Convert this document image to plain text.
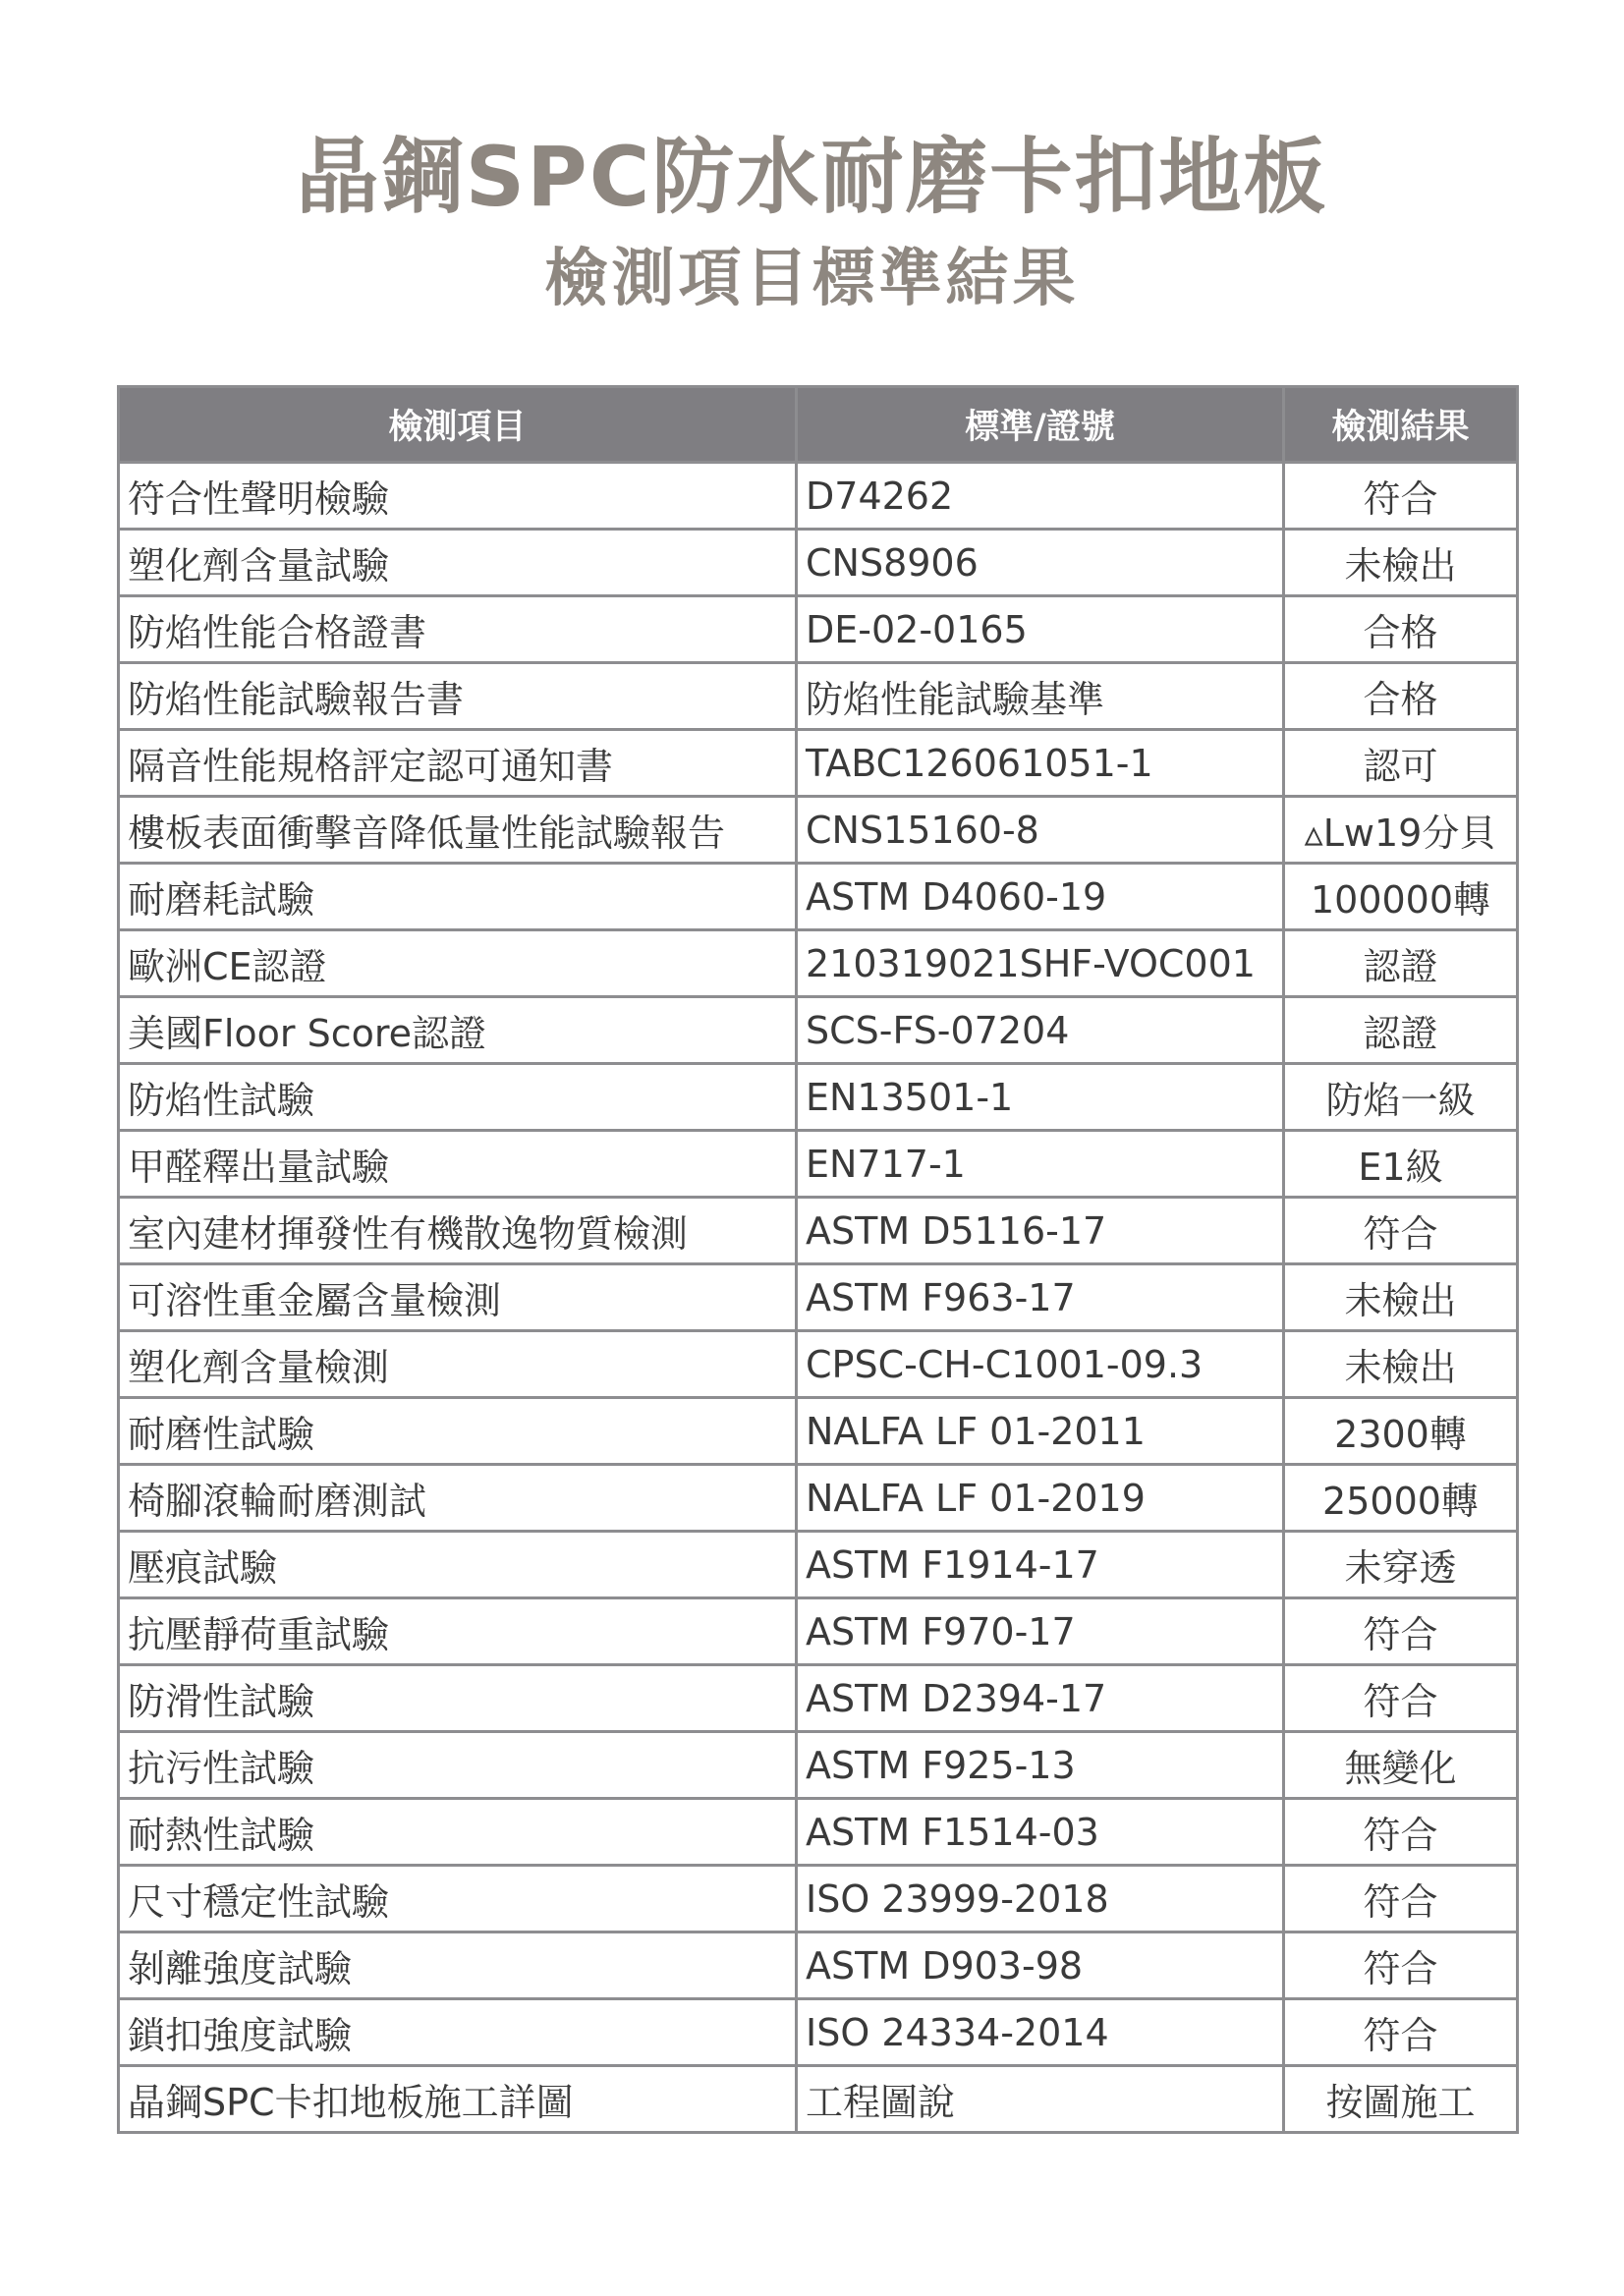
晶鋼SPC防水耐磨卡扣地板
檢測項目標準結果
檢測項目	標準/證號	檢測結果
符合性聲明檢驗	D74262	符合
塑化劑含量試驗	CNS8906	未檢出
防焰性能合格證書	DE-02-0165	合格
防焰性能試驗報告書	防焰性能試驗基準	合格
隔音性能規格評定認可通知書	TABC126061051-1	認可
樓板表面衝擊音降低量性能試驗報告	CNS15160-8	▵Lw19分貝
耐磨耗試驗	ASTM D4060-19	100000轉
歐洲CE認證	210319021SHF-VOC001	認證
美國Floor Score認證	SCS-FS-07204	認證
防焰性試驗	EN13501-1	防焰一級
甲醛釋出量試驗	EN717-1	E1級
室內建材揮發性有機散逸物質檢測	ASTM D5116-17	符合
可溶性重金屬含量檢測	ASTM F963-17	未檢出
塑化劑含量檢測	CPSC-CH-C1001-09.3	未檢出
耐磨性試驗	NALFA LF 01-2011	2300轉
椅腳滾輪耐磨測試	NALFA LF 01-2019	25000轉
壓痕試驗	ASTM F1914-17	未穿透
抗壓靜荷重試驗	ASTM F970-17	符合
防滑性試驗	ASTM D2394-17	符合
抗污性試驗	ASTM F925-13	無變化
耐熱性試驗	ASTM F1514-03	符合
尺寸穩定性試驗	ISO 23999-2018	符合
剝離強度試驗	ASTM D903-98	符合
鎖扣強度試驗	ISO 24334-2014	符合
晶鋼SPC卡扣地板施工詳圖	工程圖說	按圖施工
